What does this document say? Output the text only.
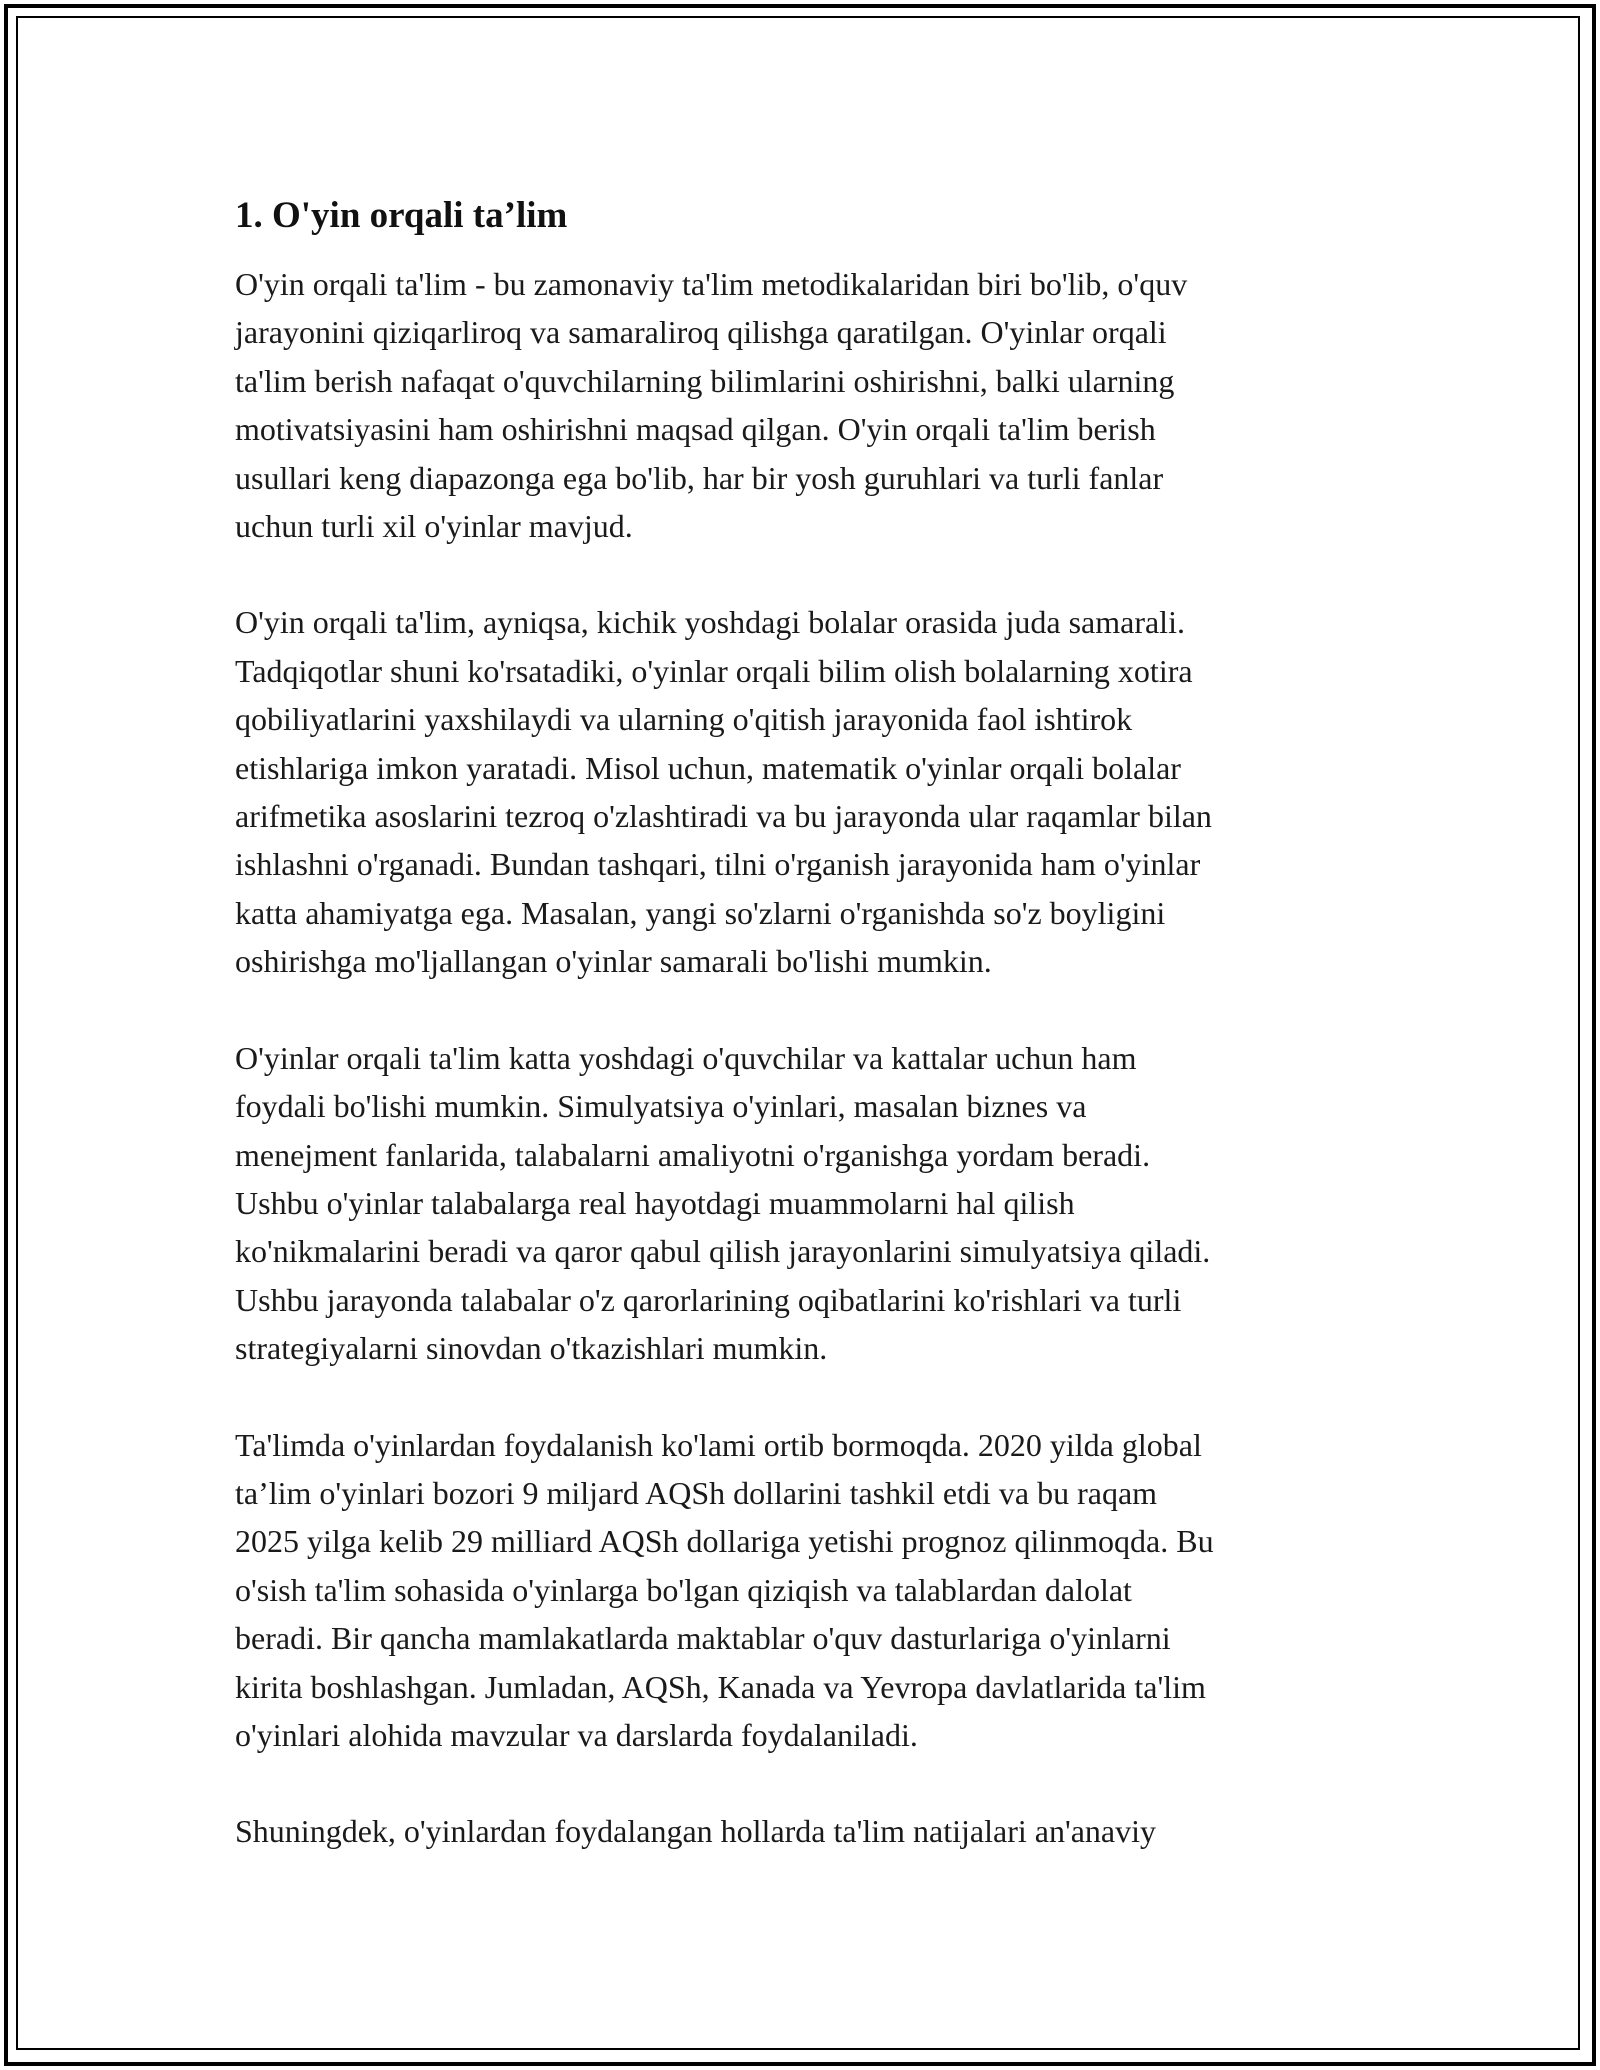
1. O'yin orqali ta’lim

O'yin orqali ta'lim - bu zamonaviy ta'lim metodikalaridan biri bo'lib, o'quv
jarayonini qiziqarliroq va samaraliroq qilishga qaratilgan. O'yinlar orqali
ta'lim berish nafaqat o'quvchilarning bilimlarini oshirishni, balki ularning
motivatsiyasini ham oshirishni maqsad qilgan. O'yin orqali ta'lim berish
usullari keng diapazonga ega bo'lib, har bir yosh guruhlari va turli fanlar
uchun turli xil o'yinlar mavjud.

O'yin orqali ta'lim, ayniqsa, kichik yoshdagi bolalar orasida juda samarali.
Tadqiqotlar shuni ko'rsatadiki, o'yinlar orqali bilim olish bolalarning xotira
qobiliyatlarini yaxshilaydi va ularning o'qitish jarayonida faol ishtirok
etishlariga imkon yaratadi. Misol uchun, matematik o'yinlar orqali bolalar
arifmetika asoslarini tezroq o'zlashtiradi va bu jarayonda ular raqamlar bilan
ishlashni o'rganadi. Bundan tashqari, tilni o'rganish jarayonida ham o'yinlar
katta ahamiyatga ega. Masalan, yangi so'zlarni o'rganishda so'z boyligini
oshirishga mo'ljallangan o'yinlar samarali bo'lishi mumkin.

O'yinlar orqali ta'lim katta yoshdagi o'quvchilar va kattalar uchun ham
foydali bo'lishi mumkin. Simulyatsiya o'yinlari, masalan biznes va
menejment fanlarida, talabalarni amaliyotni o'rganishga yordam beradi.
Ushbu o'yinlar talabalarga real hayotdagi muammolarni hal qilish
ko'nikmalarini beradi va qaror qabul qilish jarayonlarini simulyatsiya qiladi.
Ushbu jarayonda talabalar o'z qarorlarining oqibatlarini ko'rishlari va turli
strategiyalarni sinovdan o'tkazishlari mumkin.

Ta'limda o'yinlardan foydalanish ko'lami ortib bormoqda. 2020 yilda global
ta’lim o'yinlari bozori 9 miljard AQSh dollarini tashkil etdi va bu raqam
2025 yilga kelib 29 milliard AQSh dollariga yetishi prognoz qilinmoqda. Bu
o'sish ta'lim sohasida o'yinlarga bo'lgan qiziqish va talablardan dalolat
beradi. Bir qancha mamlakatlarda maktablar o'quv dasturlariga o'yinlarni
kirita boshlashgan. Jumladan, AQSh, Kanada va Yevropa davlatlarida ta'lim
o'yinlari alohida mavzular va darslarda foydalaniladi.

Shuningdek, o'yinlardan foydalangan hollarda ta'lim natijalari an'anaviy
